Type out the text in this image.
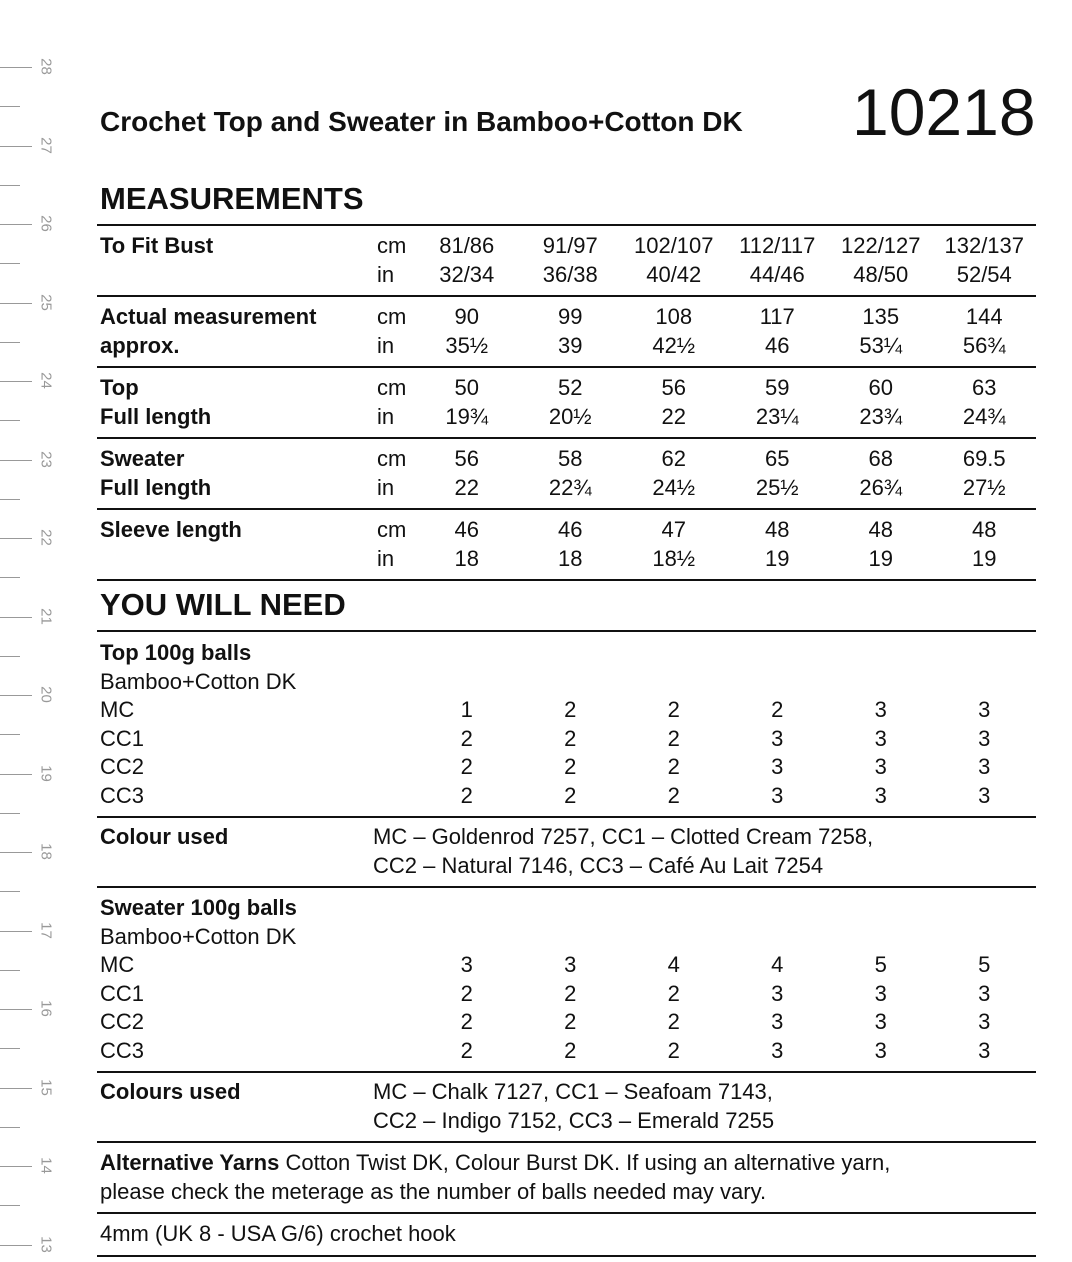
28
27
26
25
24
23
22
21
20
19
18
17
16
15
14
13
Crochet Top and Sweater in Bamboo+Cotton DK 10218
MEASUREMENTS
To Fit Bust	cm	81/86	91/97	102/107	112/117	122/127	132/137
in	32/34	36/38	40/42	44/46	48/50	52/54
Actual measurement	cm	90	99	108	117	135	144
approx.	in	35½	39	42½	46	53¼	56¾
Top	cm	50	52	56	59	60	63
Full length	in	19¾	20½	22	23¼	23¾	24¾
Sweater	cm	56	58	62	65	68	69.5
Full length	in	22	22¾	24½	25½	26¾	27½
Sleeve length	cm	46	46	47	48	48	48
in	18	18	18½	19	19	19
YOU WILL NEED
Top 100g balls
Bamboo+Cotton DK
MC	1	2	2	2	3	3
CC1	2	2	2	3	3	3
CC2	2	2	2	3	3	3
CC3	2	2	2	3	3	3
Colour used	MC – Goldenrod 7257, CC1 – Clotted Cream 7258,
CC2 – Natural 7146, CC3 – Café Au Lait 7254
Sweater 100g balls
Bamboo+Cotton DK
MC	3	3	4	4	5	5
CC1	2	2	2	3	3	3
CC2	2	2	2	3	3	3
CC3	2	2	2	3	3	3
Colours used	MC – Chalk 7127, CC1 – Seafoam 7143,
CC2 – Indigo 7152, CC3 – Emerald 7255
Alternative Yarns Cotton Twist DK, Colour Burst DK. If using an alternative yarn,
please check the meterage as the number of balls needed may vary.
4mm (UK 8 - USA G/6) crochet hook
